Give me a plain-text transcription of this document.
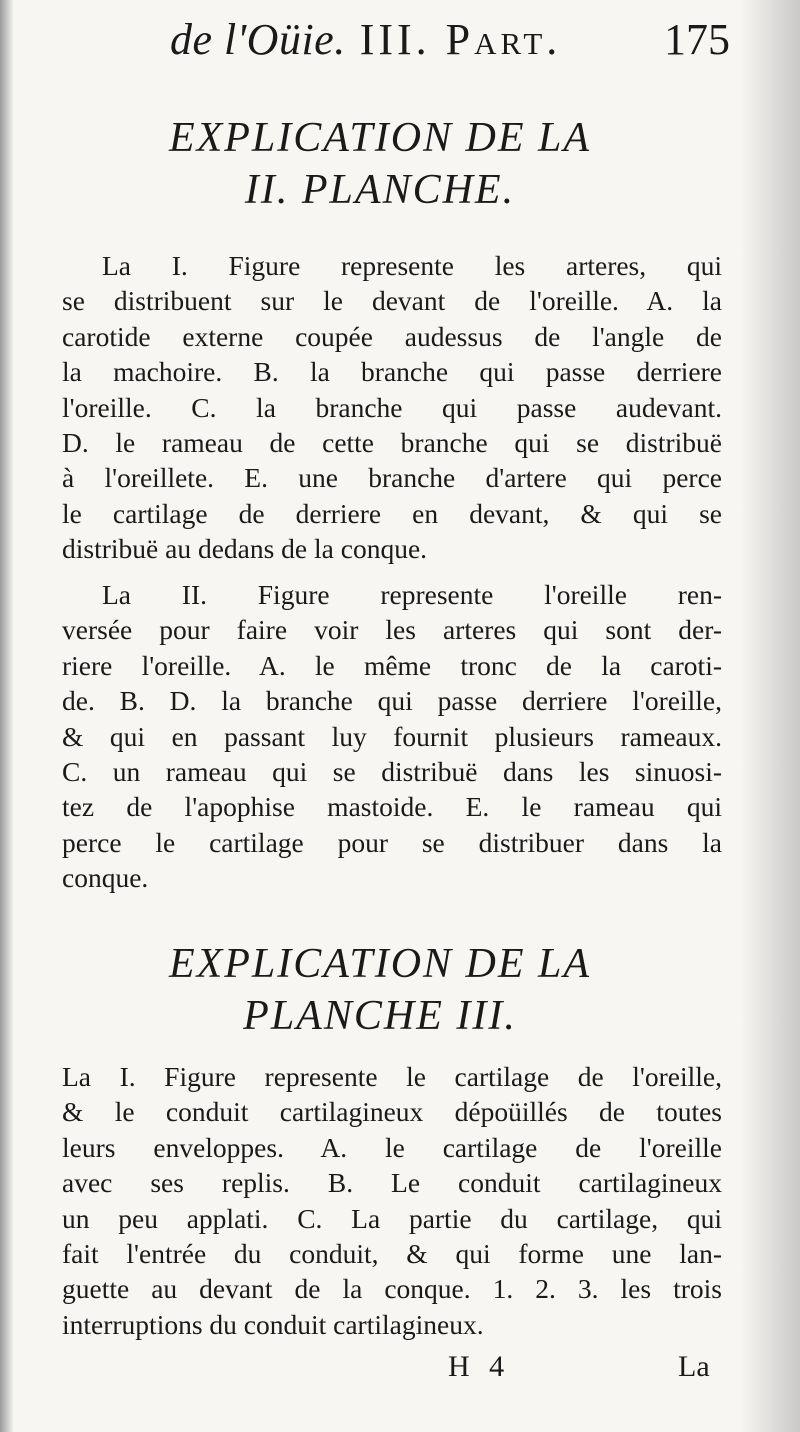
de l'Oüie. III. Part. 175
EXPLICATION DE LA
II. PLANCHE.

La I. Figure represente les arteres, qui
se distribuent sur le devant de l'oreille. A. la
carotide externe coupée audessus de l'angle de
la machoire. B. la branche qui passe derriere
l'oreille. C. la branche qui passe audevant.
D. le rameau de cette branche qui se distribuë
à l'oreillete. E. une branche d'artere qui perce
le cartilage de derriere en devant, & qui se
distribuë au dedans de la conque.

La II. Figure represente l'oreille ren-
versée pour faire voir les arteres qui sont der-
riere l'oreille. A. le même tronc de la caroti-
de. B. D. la branche qui passe derriere l'oreille,
& qui en passant luy fournit plusieurs rameaux.
C. un rameau qui se distribuë dans les sinuosi-
tez de l'apophise mastoide. E. le rameau qui
perce le cartilage pour se distribuer dans la
conque.

EXPLICATION DE LA
PLANCHE III.

La I. Figure represente le cartilage de l'oreille,
& le conduit cartilagineux dépoüillés de toutes
leurs enveloppes. A. le cartilage de l'oreille
avec ses replis. B. Le conduit cartilagineux
un peu applati. C. La partie du cartilage, qui
fait l'entrée du conduit, & qui forme une lan-
guette au devant de la conque. 1. 2. 3. les trois
interruptions du conduit cartilagineux.

H 4	La
